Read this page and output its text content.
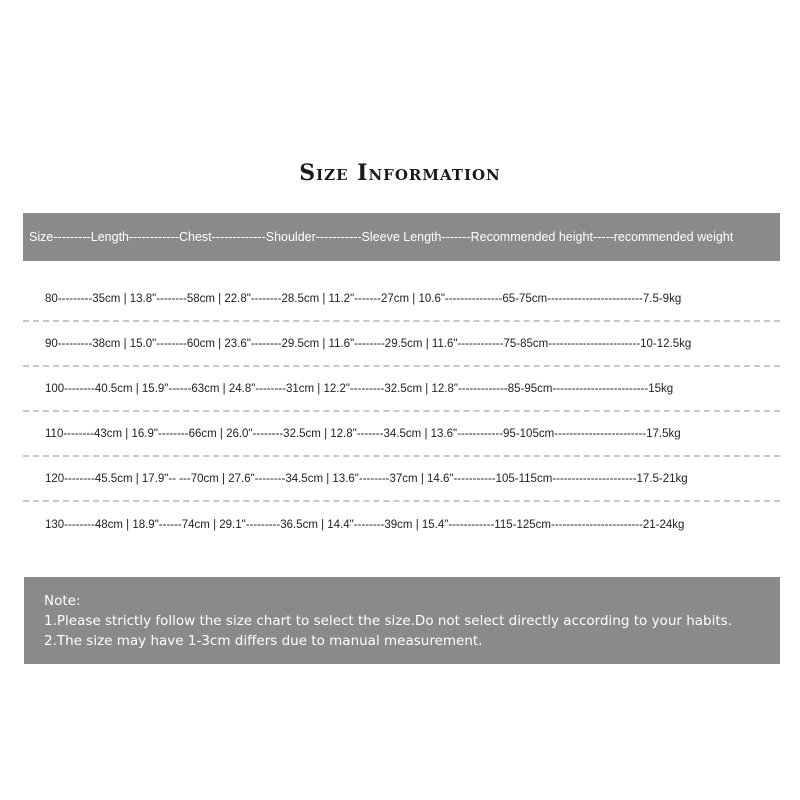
Size Information
Size---------Length------------Chest-------------Shoulder-----------Sleeve Length-------Recommended height-----recommended weight
80---------35cm | 13.8"--------58cm | 22.8"--------28.5cm | 11.2"-------27cm | 10.6"---------------65-75cm-------------------------7.5-9kg
90---------38cm | 15.0"--------60cm | 23.6"--------29.5cm | 11.6"--------29.5cm | 11.6"------------75-85cm------------------------10-12.5kg
100--------40.5cm | 15.9"------63cm | 24.8"--------31cm | 12.2"---------32.5cm | 12.8"-------------85-95cm-------------------------15kg
110--------43cm | 16.9"--------66cm | 26.0"--------32.5cm | 12.8"-------34.5cm | 13.6"------------95-105cm------------------------17.5kg
120--------45.5cm | 17.9"-- ---70cm | 27.6"--------34.5cm | 13.6"--------37cm | 14.6"-----------105-115cm----------------------17.5-21kg
130--------48cm | 18.9"------74cm | 29.1"---------36.5cm | 14.4"--------39cm | 15.4"------------115-125cm------------------------21-24kg
Note:
1.Please strictly follow the size chart to select the size.Do not select directly according to your habits.
2.The size may have 1-3cm differs due to manual measurement.
